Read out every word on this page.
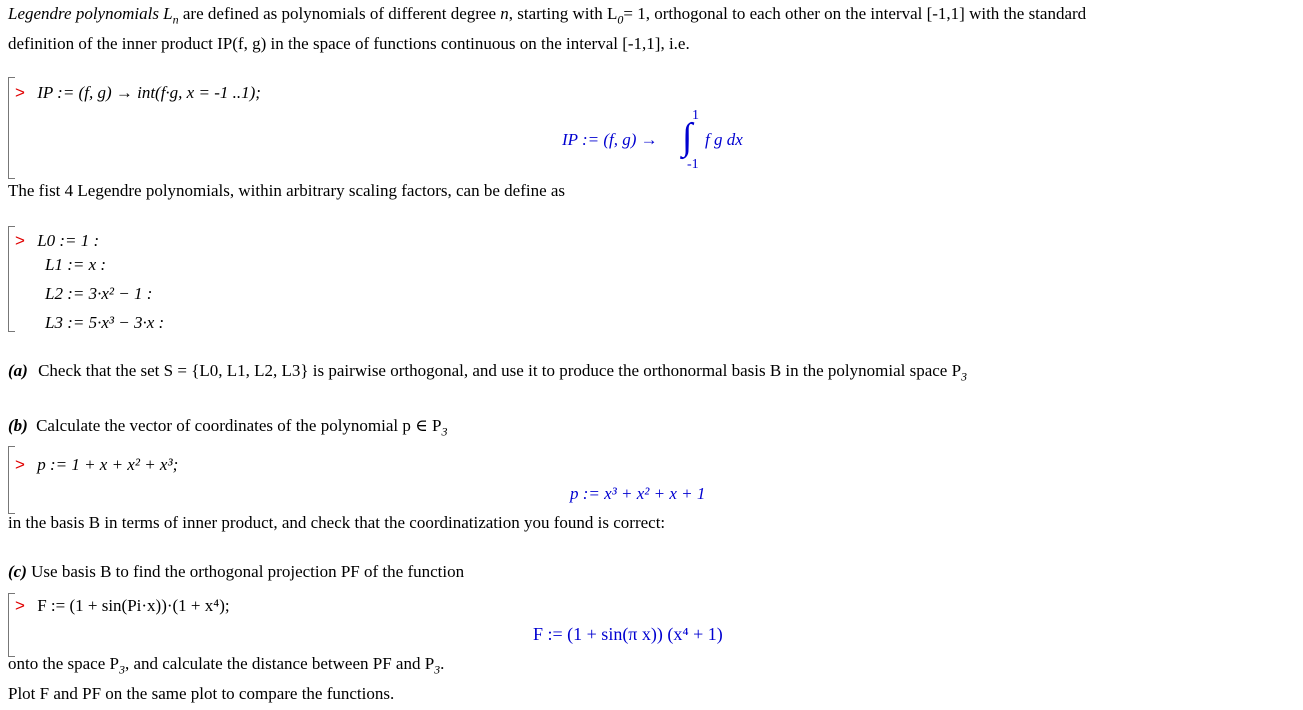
Legendre polynomials $L_n$ are defined as polynomials of different degree n, starting with $L_0= 1$, orthogonal to each other on the interval [-1,1] with the standard
definition of the inner product IP(f, g) in the space of functions continuous on the interval [-1,1], i.e.
> IP := (f, g) → int(f·g, x = -1 ..1);
IP := (f, g) → ∫
1
-1
f g dx
The fist 4 Legendre polynomials, within arbitrary scaling factors, can be define as
> L0 := 1 :
L1 := x :
L2 := 3·x² − 1 :
L3 := 5·x³ − 3·x :
(a) Check that the set S = {L0, L1, L2, L3} is pairwise orthogonal, and use it to produce the orthonormal basis B in the polynomial space $P_3$
(b) Calculate the vector of coordinates of the polynomial p ∈ $P_3$
> p := 1 + x + x² + x³;
p := x³ + x² + x + 1
in the basis B in terms of inner product, and check that the coordinatization you found is correct:
(c) Use basis B to find the orthogonal projection PF of the function
> F := (1 + sin(Pi·x))·(1 + x⁴);
F := (1 + sin(π x)) (x⁴ + 1)
onto the space $P_3$, and calculate the distance between PF and $P_3$.
Plot F and PF on the same plot to compare the functions.
